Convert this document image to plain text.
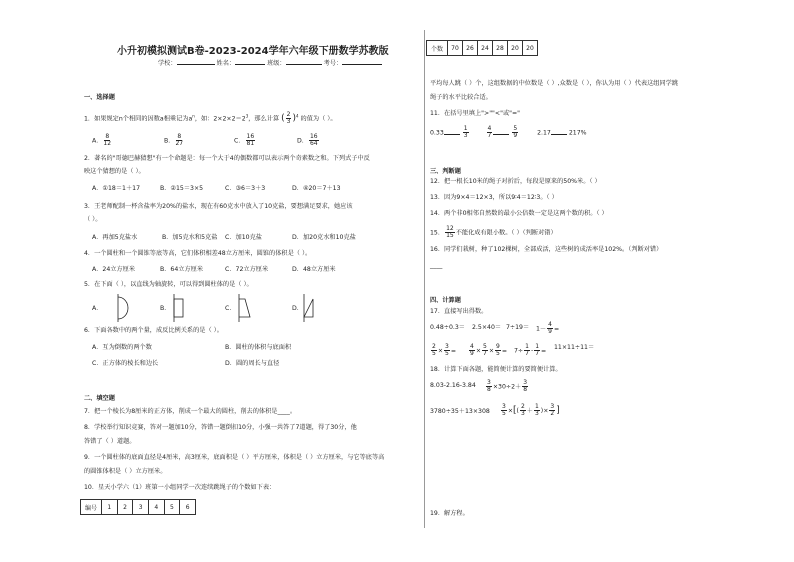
小升初模拟测试B卷-2023-2024学年六年级下册数学苏教版
学校：	姓名：	班级：	考号：
一、选择题
1．如果规定n个相同的因数a相乘记为$a^n$，如：$2\times 2\times 2=2^3$，那么计算 ( $\frac{2}{3} )^4$ 的值为（ ）。
A． $\frac{8}{12}$	B． $\frac{8}{27}$	C． $\frac{16}{81}$	D． $\frac{16}{64}$
2．著名的"哥德巴赫猜想"有一个命题是：每一个大于4的偶数都可以表示两个奇素数之和。下列式子中反
映这个猜想的是（ ）。
A．①18＝1＋17	B．②15＝3×5	C．③6＝3＋3	D．④20＝7＋13
3．王老师配制一杯含盐率为20%的盐水，现在有60克水中放入了10克盐，要想满足要求，她应该
（ ）。
A．再加5克盐水	B．加5克水和5克盐 C．加10克盐	D．加20克水和10克盐
4．一个圆柱和一个圆锥等底等高，它们体积相差48立方厘米，圆锥的体积是（ ）。
A．24立方厘米	B．64立方厘米	C．72立方厘米	D．48立方厘米
5．在下面（ ），以直线为轴旋转，可以得到圆柱体的是（ ）。
A．	B．	C．	D．
6．下面各数中的两个量，成反比例关系的是（ ）。
A．互为倒数的两个数	B．圆柱的体积与底面积
C．正方体的棱长和边长	D．圆的周长与直径
二、填空题
7．把一个棱长为8厘米的正方体，削成一个最大的圆柱，削去的体积是____。
8．学校举行知识竞赛，答对一题加10分，答错一题倒扣10分，小强一共答了7道题，得了30分，他
答错了（ ）道题。
9．一个圆柱体的底面直径是4厘米，高3厘米，底面积是（ ）平方厘米，体积是（ ）立方厘米，与它等底等高
的圆锥体积是（ ）立方厘米。
10．星天小学六（1）班第一小组同学一次连续跳绳子的个数如下表：
编号	1	2	3	4	5	6
个数	70	26	24	28	20	20
平均每人跳（ ）个，这组数据的中位数是（ ）,众数是（ ），你认为用（ ）代表这组同学跳
绳子的水平比较合适。
11．在括号里填上">""<"或"="
0.33	$\frac{1}{3}$
	$\frac{4}{7}$
	$\frac{5}{9}$	2.17	217%
三、判断题
12．把一根长10米的绳子对折后，每段是原来的50%米。（ ）
13．因为9×4＝12×3，所以9∶4＝12∶3。（ ）
14．两个非0相邻自然数的最小公倍数一定是这两个数的积。（ ）
15． $\frac{12}{15}$ 不能化成有限小数。（ ）（判断对错）
16．同学们栽树，种了102棵树，全部成活，这些树的成活率是102%。（判断对错）
____
四、计算题
17．直接写出得数。
$0.48\div 0.3= 2.5\times 40= 7\div 19= 1- \frac{4}{9}$ =
$\frac{2}{5} \times \frac{3}{5} = \frac{4}{9} \times \frac{5}{7} \times \frac{9}{5} = 7\div \frac{1}{7} - \frac{1}{7} = 11\times 11\div 11=$
18．计算下面各题，能简便计算的要简便计算。
$8.03-2.16-3.84 \frac{3}{8} \times 30\div 2+ \frac{3}{8}$
$3780\div 35+13\times 308 \frac{3}{5}$ ×[( $\frac{2}{3} + \frac{1}{3}$ )× $\frac{3}{2}$ ]
19．解方程。
